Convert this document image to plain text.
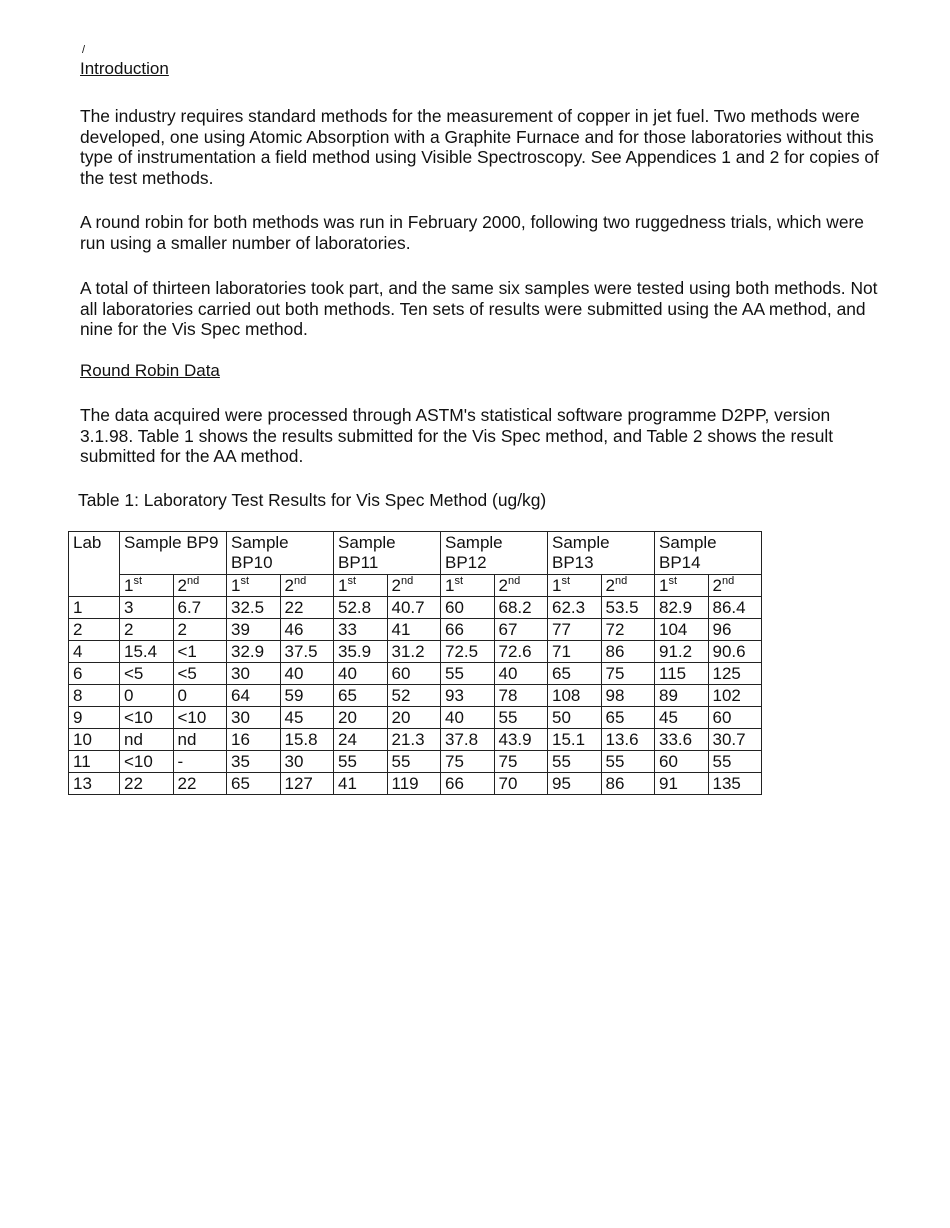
/
Introduction

The industry requires standard methods for the measurement of copper in jet fuel. Two methods were developed, one using Atomic Absorption with a Graphite Furnace and for those laboratories without this type of instrumentation a field method using Visible Spectroscopy. See Appendices 1 and 2 for copies of the test methods.

A round robin for both methods was run in February 2000, following two ruggedness trials, which were run using a smaller number of laboratories.

A total of thirteen laboratories took part, and the same six samples were tested using both methods. Not all laboratories carried out both methods. Ten sets of results were submitted using the AA method, and nine for the Vis Spec method.

Round Robin Data

The data acquired were processed through ASTM's statistical software programme D2PP, version 3.1.98. Table 1 shows the results submitted for the Vis Spec method, and Table 2 shows the result submitted for the AA method.

Table 1: Laboratory Test Results for Vis Spec Method (ug/kg)

Lab	Sample BP9		Sample BP10		Sample BP11		Sample BP12		Sample BP13		Sample BP14	
	1st	2nd	1st	2nd	1st	2nd	1st	2nd	1st	2nd	1st	2nd
1	3	6.7	32.5	22	52.8	40.7	60	68.2	62.3	53.5	82.9	86.4
2	2	2	39	46	33	41	66	67	77	72	104	96
4	15.4	<1	32.9	37.5	35.9	31.2	72.5	72.6	71	86	91.2	90.6
6	<5	<5	30	40	40	60	55	40	65	75	115	125
8	0	0	64	59	65	52	93	78	108	98	89	102
9	<10	<10	30	45	20	20	40	55	50	65	45	60
10	nd	nd	16	15.8	24	21.3	37.8	43.9	15.1	13.6	33.6	30.7
11	<10	-	35	30	55	55	75	75	55	55	60	55
13	22	22	65	127	41	119	66	70	95	86	91	135
